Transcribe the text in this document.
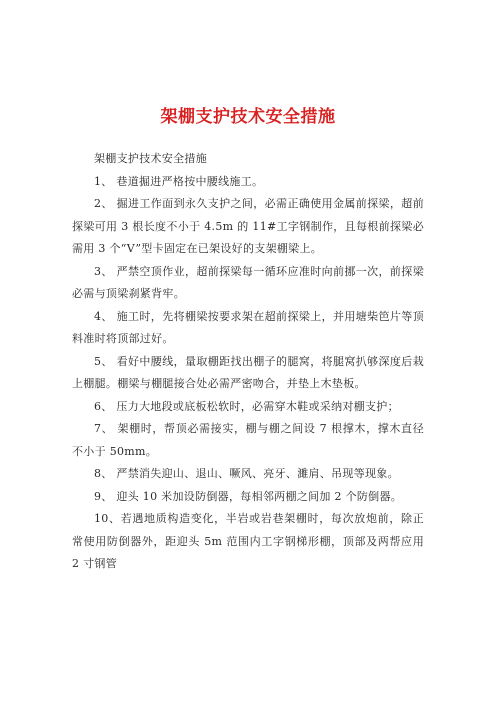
架棚支护技术安全措施

架棚支护技术安全措施

1、 巷道掘进严格按中腰线施工。

2、 掘进工作面到永久支护之间，必需正确使用金属前探梁，超前探梁可用 3 根长度不小于 4.5m 的 11#工字钢制作，且每根前探梁必需用 3 个“V”型卡固定在已架设好的支架棚梁上。

3、 严禁空顶作业，超前探梁每一循环应准时向前挪一次，前探梁必需与顶梁刹紧背牢。

4、 施工时，先将棚梁按要求架在超前探梁上，并用塘柴笆片等顶料准时将顶部过好。

5、 看好中腰线，量取棚距找出棚子的腿窝，将腿窝扒够深度后栽上棚腿。棚梁与棚腿接合处必需严密吻合，并垫上木垫板。

6、 压力大地段或底板松软时，必需穿木鞋或采纳对棚支护；

7、 架棚时，帮顶必需接实，棚与棚之间设 7 根撑木，撑木直径不小于 50mm。

8、 严禁消失迎山、退山、噘风、亮牙、濉肩、吊现等现象。

9、 迎头 10 米加设防倒器，每相邻两棚之间加 2 个防倒器。

10、若遇地质构造变化，半岩或岩巷架棚时，每次放炮前，除正常使用防倒器外，距迎头 5m 范围内工字钢梯形棚，顶部及两帮应用 2 寸钢管
